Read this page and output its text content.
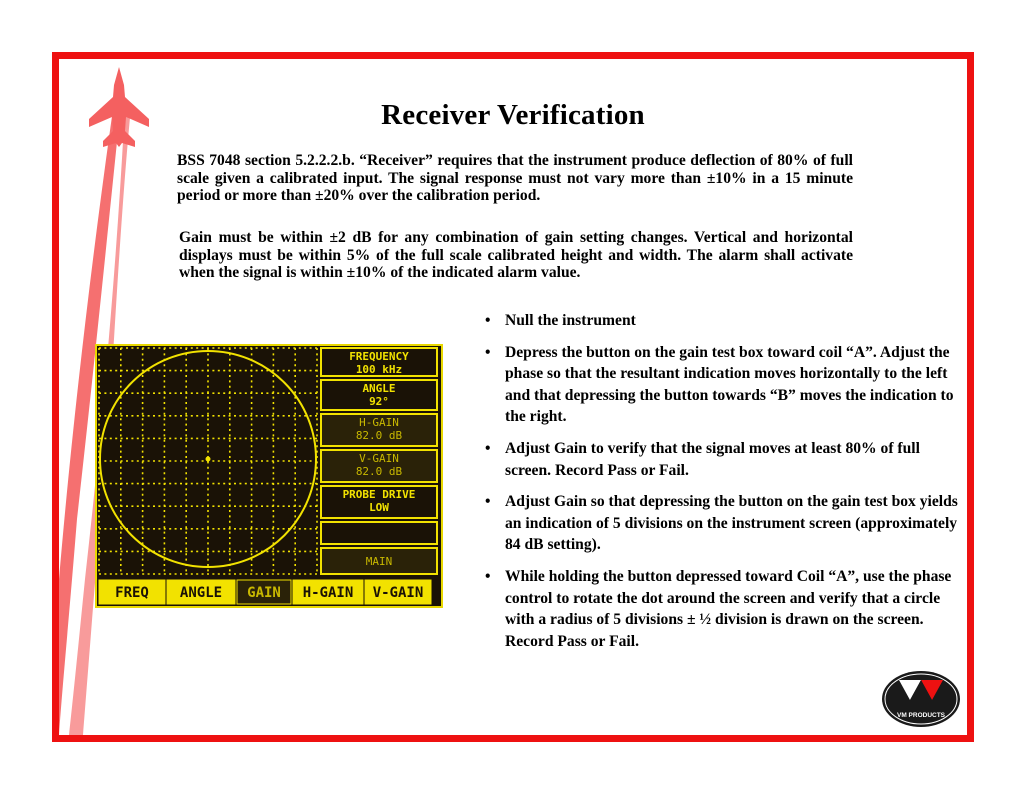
Receiver Verification
BSS 7048 section 5.2.2.2.b. “Receiver” requires that the instrument produce deflection of 80% of full scale given a calibrated input. The signal response must not vary more than ±10% in a 15 minute period or more than ±20% over the calibration period.
Gain must be within ±2 dB for any combination of gain setting changes. Vertical and horizontal displays must be within 5% of the full scale calibrated height and width. The alarm shall activate when the signal is within ±10% of the indicated alarm value.
FREQUENCY
100 kHz
ANGLE
92°
H-GAIN
82.0 dB
V-GAIN
82.0 dB
PROBE DRIVE
LOW
MAIN
FREQ ANGLE GAIN H-GAIN V-GAIN
• Null the instrument
• Depress the button on the gain test box toward coil “A”. Adjust the phase so that the resultant indication moves horizontally to the left and that depressing the button towards “B” moves the indication to the right.
• Adjust Gain to verify that the signal moves at least 80% of full screen. Record Pass or Fail.
• Adjust Gain so that depressing the button on the gain test box yields an indication of 5 divisions on the instrument screen (approximately 84 dB setting).
• While holding the button depressed toward Coil “A”, use the phase control to rotate the dot around the screen and verify that a circle with a radius of 5 divisions ± ½ division is drawn on the screen. Record Pass or Fail.
VM PRODUCTS
